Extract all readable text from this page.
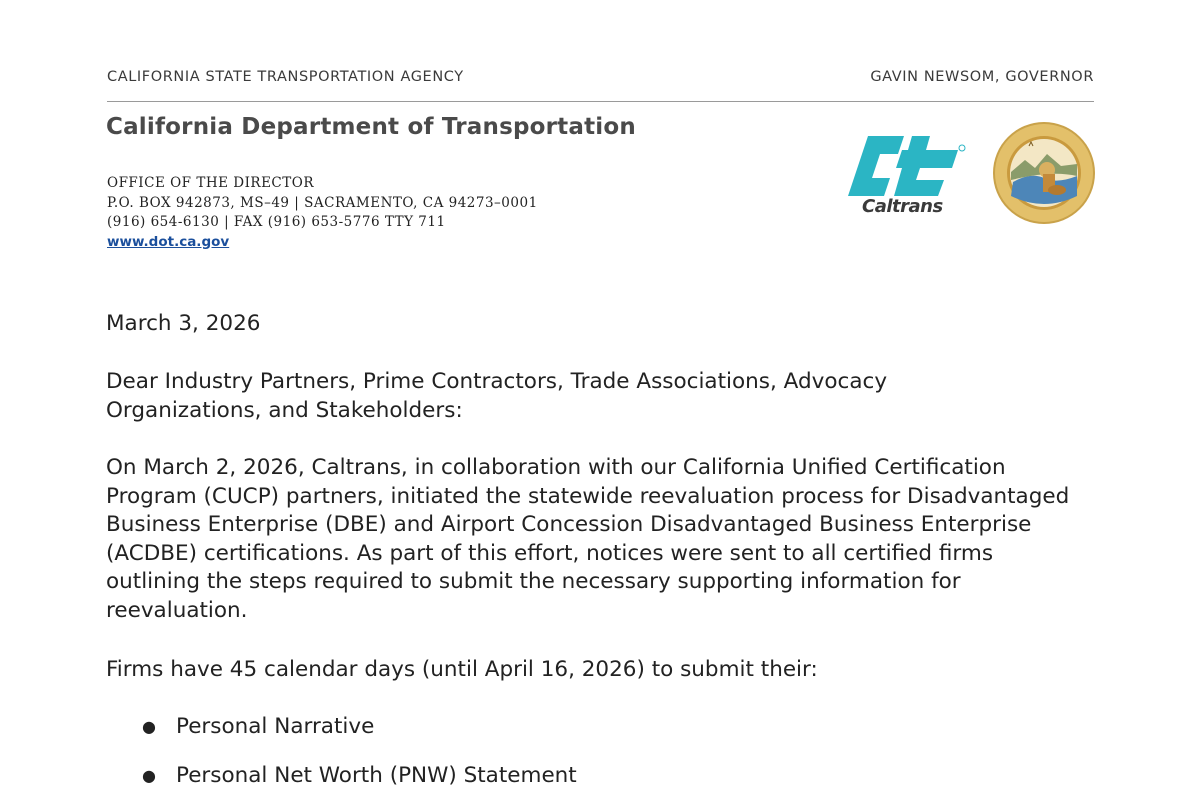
CALIFORNIA STATE TRANSPORTATION AGENCY	GAVIN NEWSOM, GOVERNOR
California Department of Transportation
OFFICE OF THE DIRECTOR
P.O. BOX 942873, MS–49 | SACRAMENTO, CA 94273–0001
(916) 654-6130 | FAX (916) 653-5776 TTY 711
www.dot.ca.gov
Caltrans
March 3, 2026
Dear Industry Partners, Prime Contractors, Trade Associations, Advocacy Organizations, and Stakeholders:
On March 2, 2026, Caltrans, in collaboration with our California Unified Certification Program (CUCP) partners, initiated the statewide reevaluation process for Disadvantaged Business Enterprise (DBE) and Airport Concession Disadvantaged Business Enterprise (ACDBE) certifications. As part of this effort, notices were sent to all certified firms outlining the steps required to submit the necessary supporting information for reevaluation.
Firms have 45 calendar days (until April 16, 2026) to submit their:
● Personal Narrative
● Personal Net Worth (PNW) Statement
